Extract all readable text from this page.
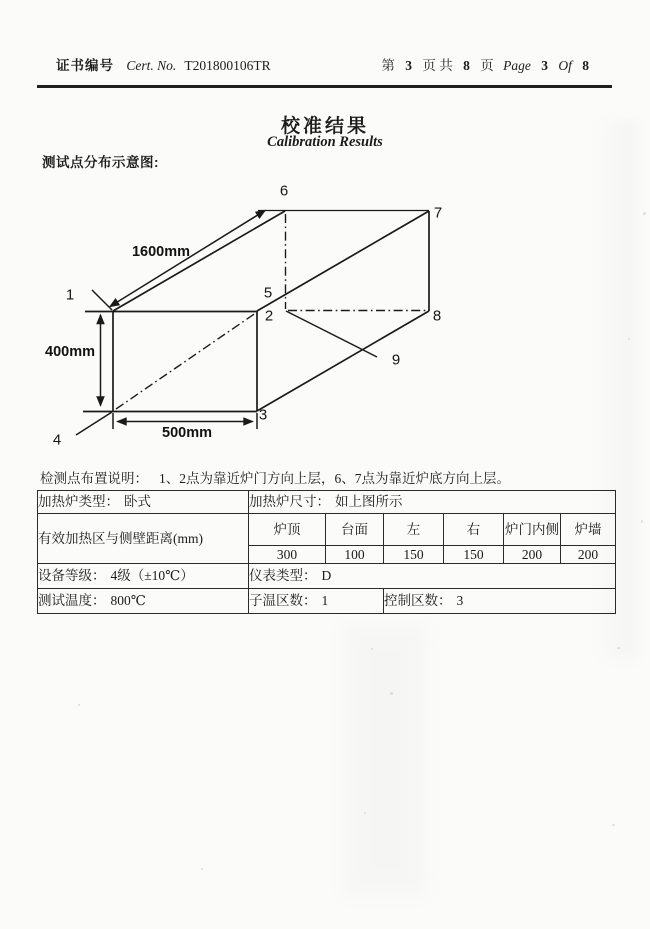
证书编号 Cert. No. T201800106TR	第 3 页 共 8 页 Page 3 Of 8
校准结果
Calibration Results
测试点分布示意图:
1
2
3
4
5
6
7
8
9
1600mm
400mm
500mm
检测点布置说明： 1、2点为靠近炉门方向上层，6、7点为靠近炉底方向上层。
加热炉类型： 卧式	加热炉尺寸： 如上图所示					
有效加热区与侧壁距离(mm)	炉顶	台面	左	右	炉门内侧	炉墙
	300	100	150	150	200	200
设备等级： 4级（±10℃）	仪表类型： D					
测试温度： 800℃	子温区数： 1		控制区数： 3			
